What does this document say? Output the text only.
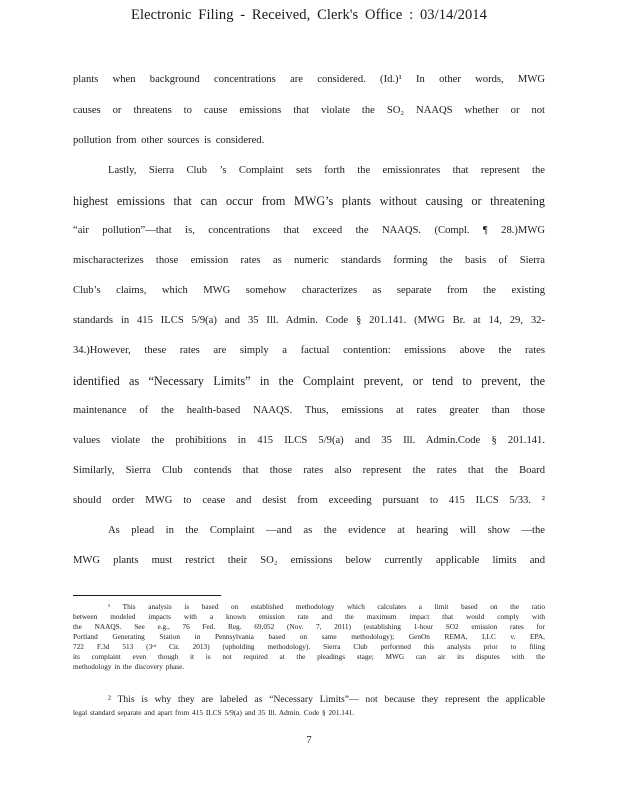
Electronic Filing - Received, Clerk's Office : 03/14/2014
plants when background concentrations are considered. (Id.)¹ In other words, MWG
causes or threatens to cause emissions that violate the SO₂ NAAQS whether or not
pollution from other sources is considered.
Lastly, Sierra Club ’s Complaint sets forth the emissionrates that represent the
highest emissions that can occur from MWG’s plants without causing or threatening
“air pollution”—that is, concentrations that exceed the NAAQS. (Compl. ¶ 28.)MWG
mischaracterizes those emission rates as numeric standards forming the basis of Sierra
Club’s claims, which MWG somehow characterizes as separate from the existing
standards in 415 ILCS 5/9(a) and 35 Ill. Admin. Code § 201.141. (MWG Br. at 14, 29, 32-
34.)However, these rates are simply a factual contention: emissions above the rates
identified as “Necessary Limits” in the Complaint prevent, or tend to prevent, the
maintenance of the health-based NAAQS. Thus, emissions at rates greater than those
values violate the prohibitions in 415 ILCS 5/9(a) and 35 Ill. Admin.Code § 201.141.
Similarly, Sierra Club contends that those rates also represent the rates that the Board
should order MWG to cease and desist from exceeding pursuant to 415 ILCS 5/33. ²
As plead in the Complaint —and as the evidence at hearing will show —the
MWG plants must restrict their SO₂ emissions below currently applicable limits and
¹ This analysis is based on established methodology which calculates a limit based on the ratio
between modeled impacts with a known emission rate and the maximum impact that would comply with
the NAAQS. See e.g., 76 Fed. Reg. 69,052 (Nov. 7, 2011) (establishing 1-hour SO2 emission rates for
Portland Generating Station in Pennsylvania based on same methodology); GenOn REMA, LLC v. EPA,
722 F.3d 513 (3ʳᵈ Cir. 2013) (upholding methodology). Sierra Club performed this analysis prior to filing
its complaint even though it is not required at the pleadings stage; MWG can air its disputes with the
methodology in the discovery phase.
² This is why they are labeled as “Necessary Limits”— not because they represent the applicable
legal standard separate and apart from 415 ILCS 5/9(a) and 35 Ill. Admin. Code § 201.141.
7
